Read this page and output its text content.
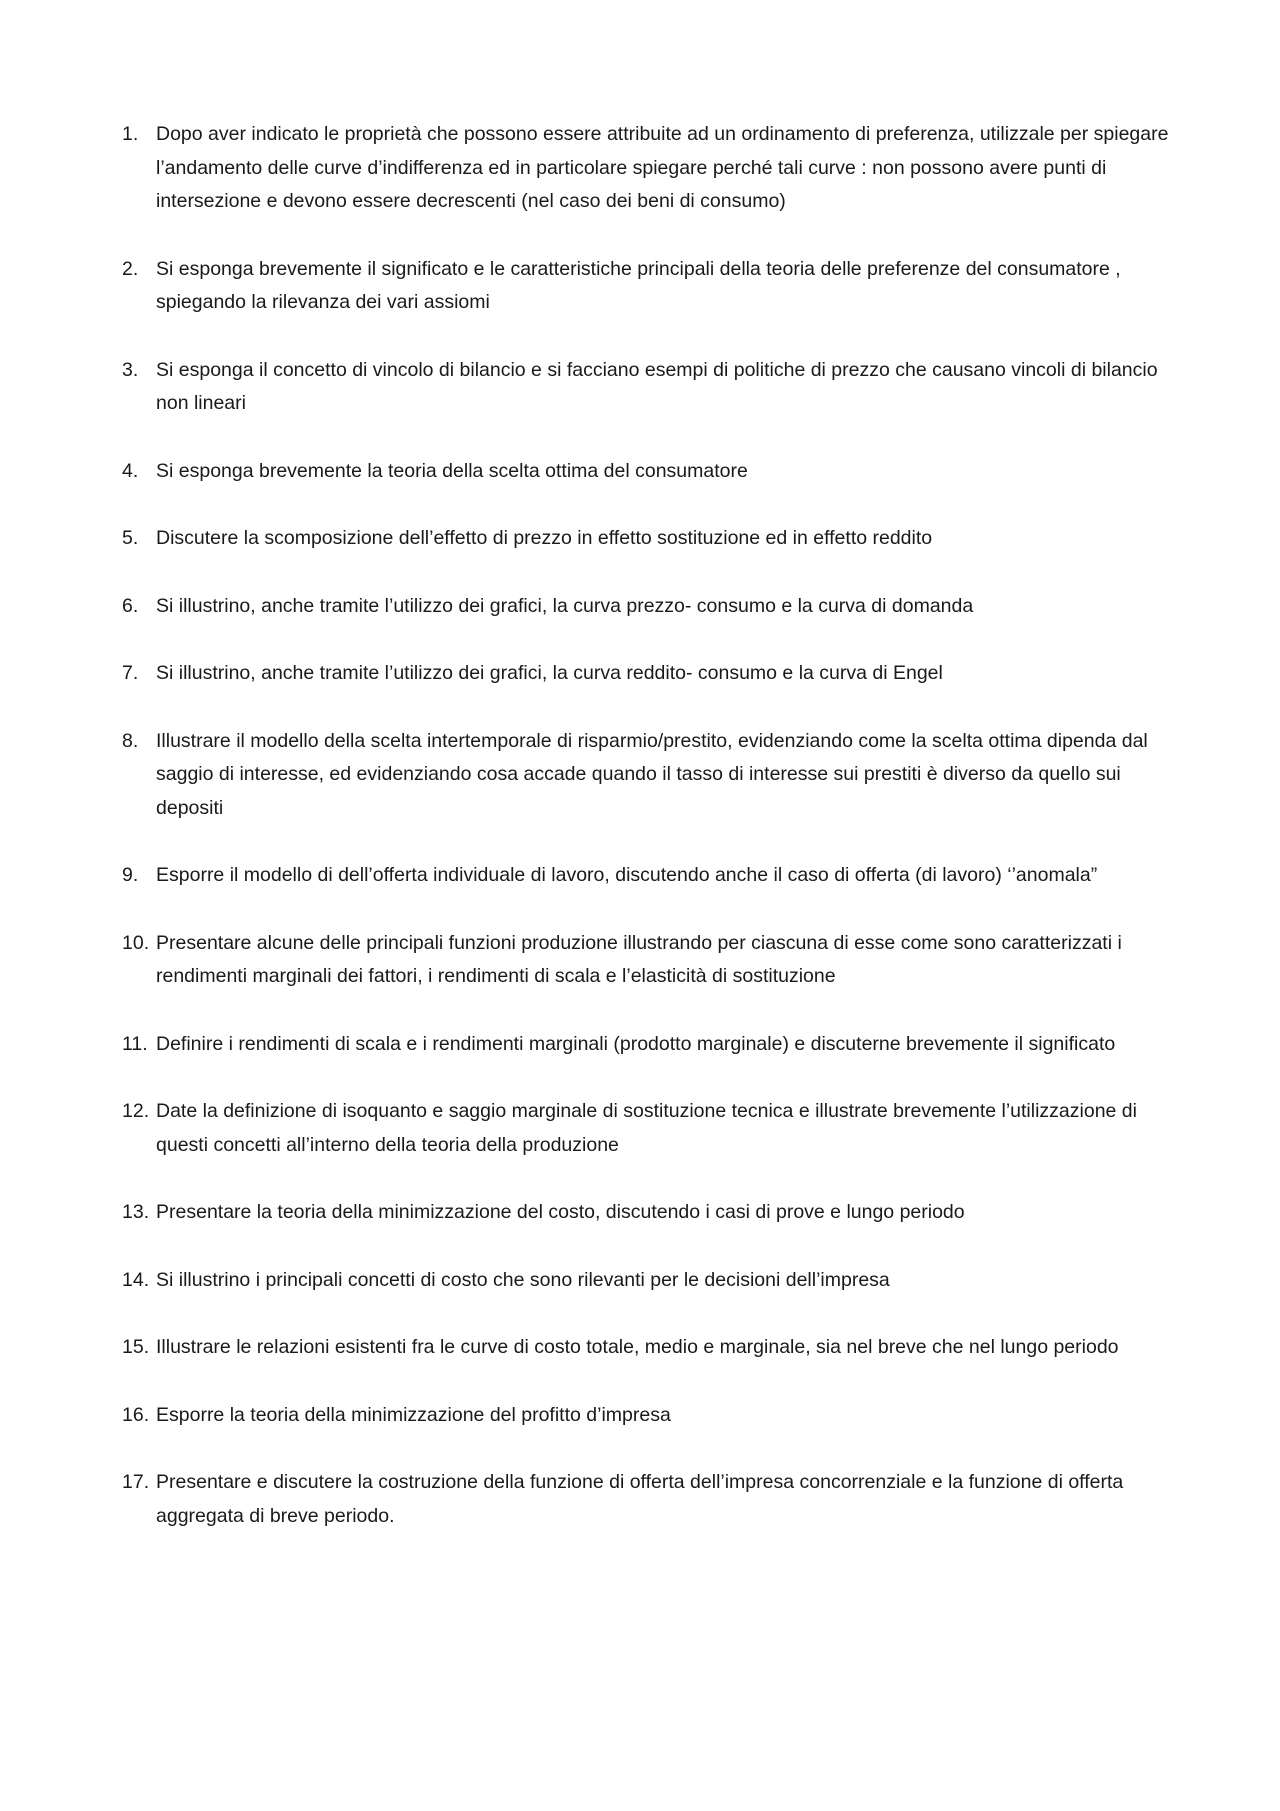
1. Dopo aver indicato le proprietà che possono essere attribuite ad un ordinamento di preferenza, utilizzale per spiegare l’andamento delle curve d’indifferenza ed in particolare spiegare perché tali curve : non possono avere punti di intersezione e devono essere decrescenti (nel caso dei beni di consumo)

2. Si esponga brevemente il significato e le caratteristiche principali della teoria delle preferenze del consumatore , spiegando la rilevanza dei vari assiomi

3. Si esponga il concetto di vincolo di bilancio e si facciano esempi di politiche di prezzo che causano vincoli di bilancio non lineari

4. Si esponga brevemente la teoria della scelta ottima del consumatore

5. Discutere la scomposizione dell’effetto di prezzo in effetto sostituzione ed in effetto reddito

6. Si illustrino, anche tramite l’utilizzo dei grafici, la curva prezzo- consumo e la curva di domanda

7. Si illustrino, anche tramite l’utilizzo dei grafici, la curva reddito- consumo e la curva di Engel

8. Illustrare il modello della scelta intertemporale di risparmio/prestito, evidenziando come la scelta ottima dipenda dal saggio di interesse, ed evidenziando cosa accade quando il tasso di interesse sui prestiti è diverso da quello sui depositi

9. Esporre il modello di dell’offerta individuale di lavoro, discutendo anche il caso di offerta (di lavoro) ‘’anomala”

10. Presentare alcune delle principali funzioni produzione illustrando per ciascuna di esse come sono caratterizzati i rendimenti marginali dei fattori, i rendimenti di scala e l’elasticità di sostituzione

11. Definire i rendimenti di scala e i rendimenti marginali (prodotto marginale) e discuterne brevemente il significato

12. Date la definizione di isoquanto e saggio marginale di sostituzione tecnica e illustrate brevemente l’utilizzazione di questi concetti all’interno della teoria della produzione

13. Presentare la teoria della minimizzazione del costo, discutendo i casi di prove e lungo periodo

14. Si illustrino i principali concetti di costo che sono rilevanti per le decisioni dell’impresa

15. Illustrare le relazioni esistenti fra le curve di costo totale, medio e marginale, sia nel breve che nel lungo periodo

16. Esporre la teoria della minimizzazione del profitto d’impresa

17. Presentare e discutere la costruzione della funzione di offerta dell’impresa concorrenziale e la funzione di offerta aggregata di breve periodo.
